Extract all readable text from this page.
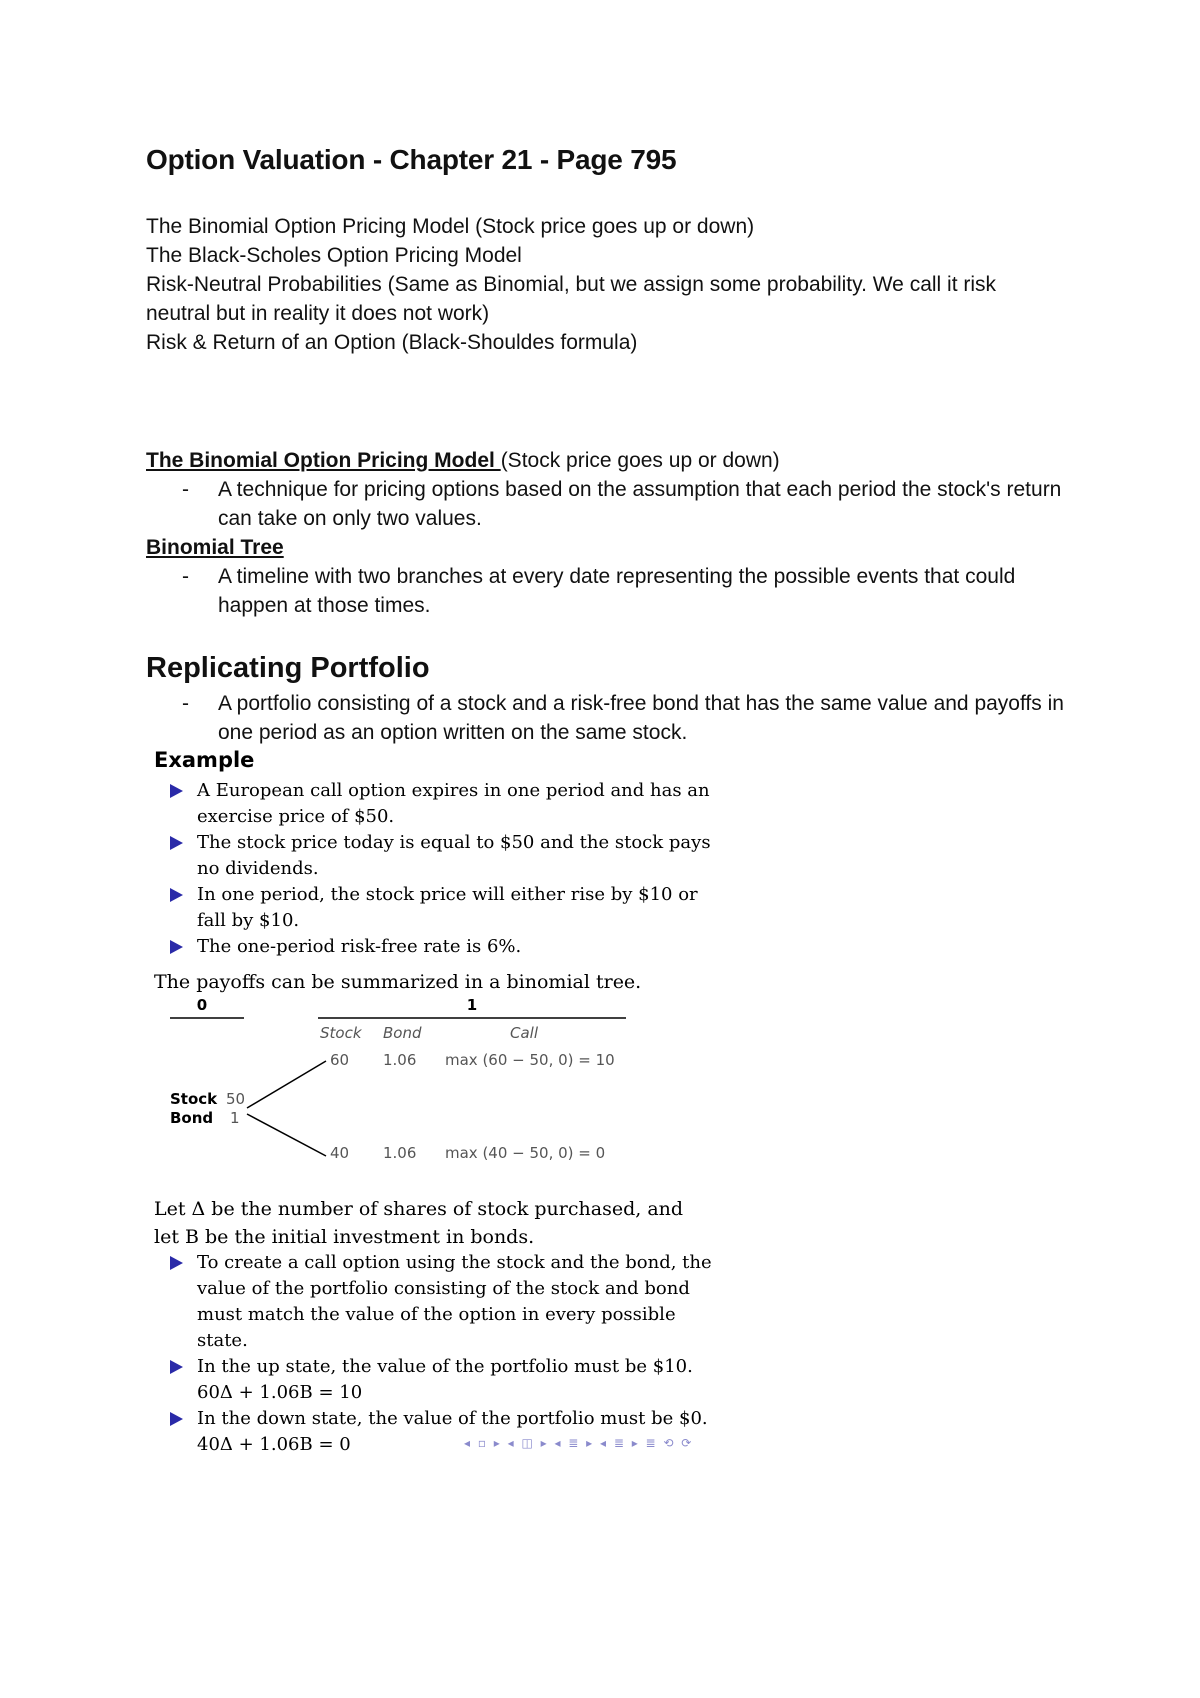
Option Valuation - Chapter 21 - Page 795
The Binomial Option Pricing Model (Stock price goes up or down)
The Black-Scholes Option Pricing Model
Risk-Neutral Probabilities (Same as Binomial, but we assign some probability. We call it risk neutral but in reality it does not work)
Risk & Return of an Option (Black-Shouldes formula)
The Binomial Option Pricing Model (Stock price goes up or down)
- A technique for pricing options based on the assumption that each period the stock's return can take on only two values.
Binomial Tree
- A timeline with two branches at every date representing the possible events that could happen at those times.
Replicating Portfolio
- A portfolio consisting of a stock and a risk-free bond that has the same value and payoffs in one period as an option written on the same stock.
Example
A European call option expires in one period and has an exercise price of $50.
The stock price today is equal to $50 and the stock pays no dividends.
In one period, the stock price will either rise by $10 or fall by $10.
The one-period risk-free rate is 6%.
The payoffs can be summarized in a binomial tree.
0	1
Stock Bond	Call
Stock 50
Bond 1
60 1.06 max (60 − 50, 0) = 10
40 1.06 max (40 − 50, 0) = 0
Let Δ be the number of shares of stock purchased, and let B be the initial investment in bonds.
To create a call option using the stock and the bond, the value of the portfolio consisting of the stock and bond must match the value of the option in every possible state.
In the up state, the value of the portfolio must be $10.
60Δ + 1.06B = 10
In the down state, the value of the portfolio must be $0.
40Δ + 1.06B = 0	◂ ▫ ▸ ◂ ◫ ▸ ◂ ≣ ▸ ◂ ≣ ▸ ≣ ⟲ ⟳
